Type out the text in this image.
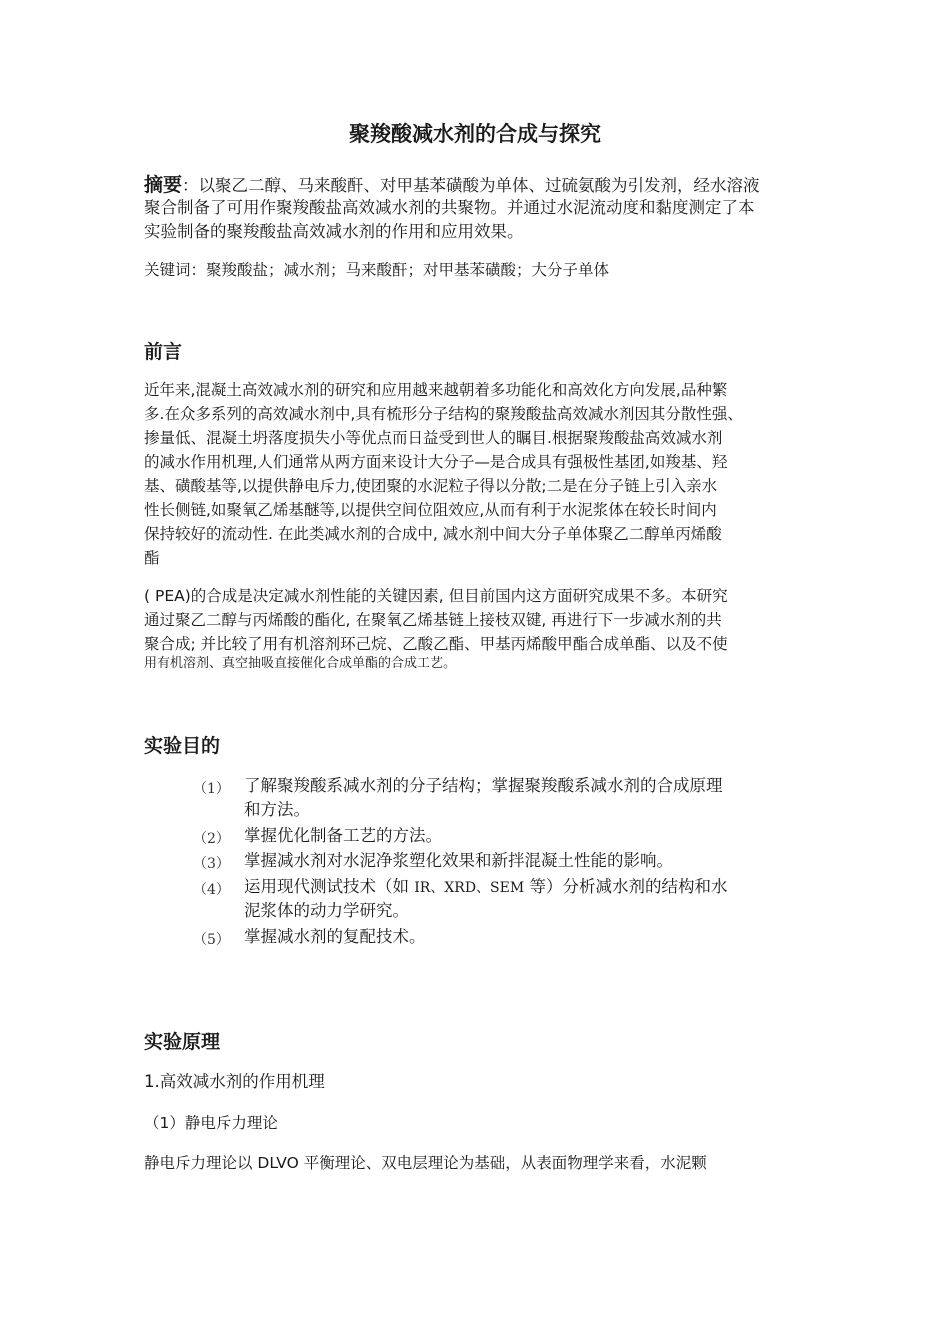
聚羧酸减水剂的合成与探究
摘要：以聚乙二醇、马来酸酐、对甲基苯磺酸为单体、过硫氨酸为引发剂，经水溶液
聚合制备了可用作聚羧酸盐高效减水剂的共聚物。并通过水泥流动度和黏度测定了本
实验制备的聚羧酸盐高效减水剂的作用和应用效果。
关键词：聚羧酸盐；减水剂；马来酸酐；对甲基苯磺酸；大分子单体
前言
近年来,混凝土高效减水剂的研究和应用越来越朝着多功能化和高效化方向发展,品种繁
多.在众多系列的高效减水剂中,具有梳形分子结构的聚羧酸盐高效减水剂因其分散性强、
掺量低、混凝土坍落度损失小等优点而日益受到世人的瞩目.根据聚羧酸盐高效减水剂
的减水作用机理,人们通常从两方面来设计大分子—是合成具有强极性基团,如羧基、羟
基、磺酸基等,以提供静电斥力,使团聚的水泥粒子得以分散;二是在分子链上引入亲水
性长侧链,如聚氧乙烯基醚等,以提供空间位阻效应,从而有利于水泥浆体在较长时间内
保持较好的流动性. 在此类减水剂的合成中, 减水剂中间大分子单体聚乙二醇单丙烯酸
酯
( PEA)的合成是决定减水剂性能的关键因素, 但目前国内这方面研究成果不多。本研究
通过聚乙二醇与丙烯酸的酯化, 在聚氧乙烯基链上接枝双键, 再进行下一步减水剂的共
聚合成; 并比较了用有机溶剂环己烷、乙酸乙酯、甲基丙烯酸甲酯合成单酯、以及不使
用有机溶剂、真空抽吸直接催化合成单酯的合成工艺。
实验目的
（1） 了解聚羧酸系减水剂的分子结构；掌握聚羧酸系减水剂的合成原理
和方法。
（2） 掌握优化制备工艺的方法。
（3） 掌握减水剂对水泥净浆塑化效果和新拌混凝土性能的影响。
（4） 运用现代测试技术（如 IR、XRD、SEM 等）分析减水剂的结构和水
泥浆体的动力学研究。
（5） 掌握减水剂的复配技术。
实验原理
1.高效减水剂的作用机理
（1）静电斥力理论
静电斥力理论以 DLVO 平衡理论、双电层理论为基础，从表面物理学来看，水泥颗
